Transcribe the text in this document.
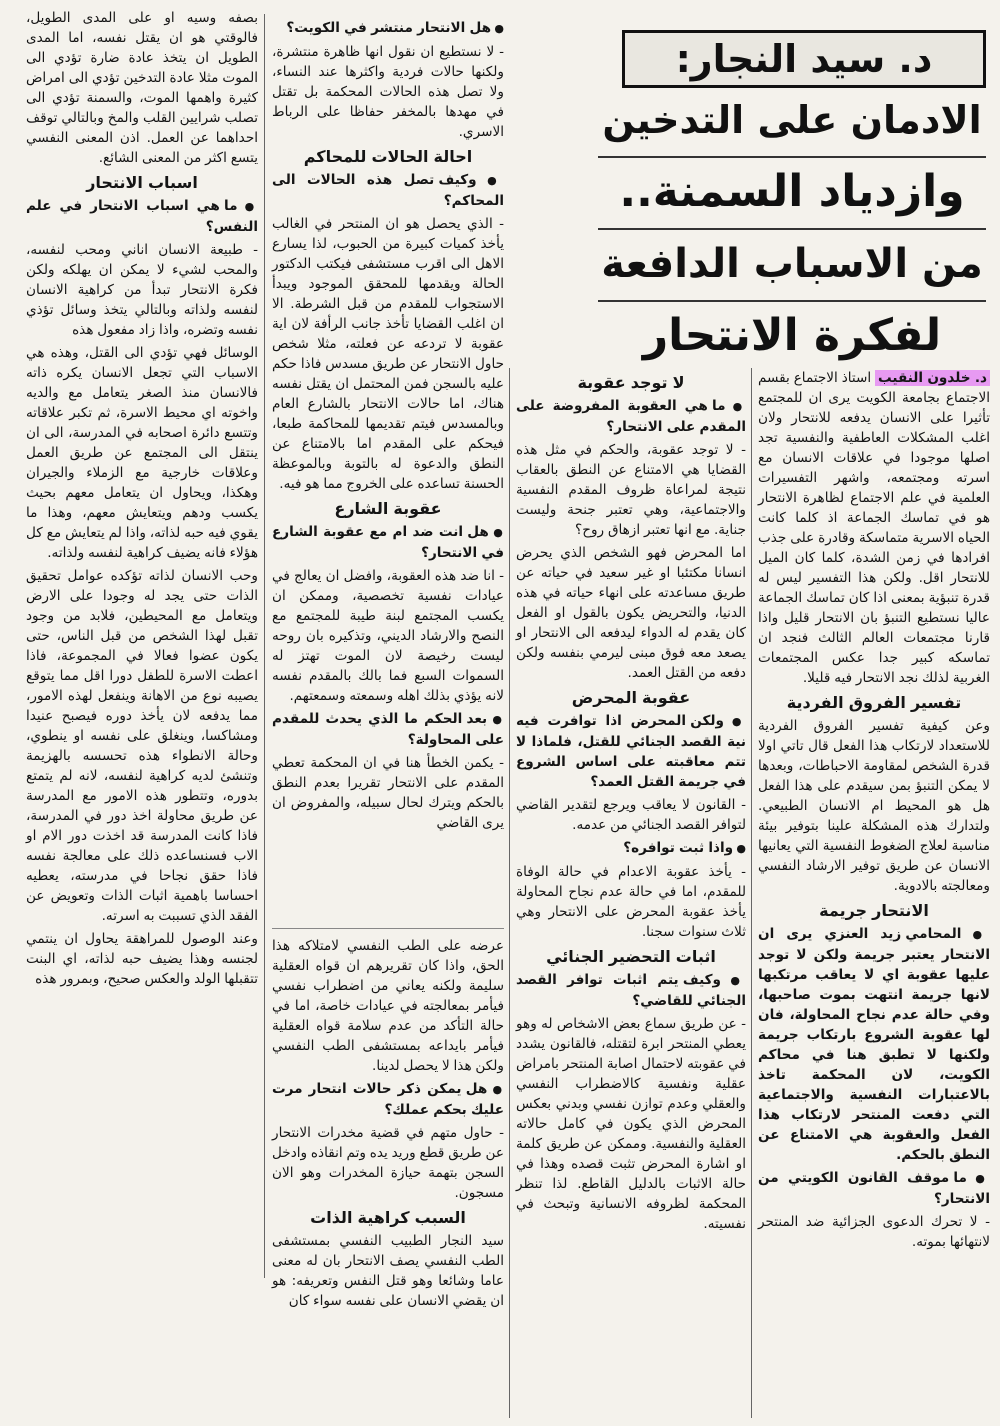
د. سيد النجار:
الادمان على التدخين
وازدياد السمنة..
من الاسباب الدافعة
لفكرة الانتحار

د. خلدون النقيب استاذ الاجتماع بقسم الاجتماع بجامعة الكويت يرى ان للمجتمع تأثيرا على الانسان يدفعه للانتحار ولان اغلب المشكلات العاطفية والنفسية تجد اصلها موجودا في علاقات الانسان مع اسرته ومجتمعه، واشهر التفسيرات العلمية في علم الاجتماع لظاهرة الانتحار هو في تماسك الجماعة اذ كلما كانت الحياه الاسرية متماسكة وقادرة على جذب افرادها في زمن الشدة، كلما كان الميل للانتحار اقل. ولكن هذا التفسير ليس له قدرة تنبؤية بمعنى اذا كان تماسك الجماعة عاليا نستطيع التنبؤ بان الانتحار قليل واذا قارنا مجتمعات العالم الثالث فنجد ان تماسكه كبير جدا عكس المجتمعات الغربية لذلك نجد الانتحار فيه قليلا.

تفسير الفروق الفردية

وعن كيفية تفسير الفروق الفردية للاستعداد لارتكاب هذا الفعل قال تاتي اولا قدرة الشخص لمقاومة الاحباطات، وبعدها لا يمكن التنبؤ بمن سيقدم على هذا الفعل هل هو المحيط ام الانسان الطبيعي. ولتدارك هذه المشكلة علينا بتوفير بيئة مناسبة لعلاج الضغوط النفسية التي يعانيها الانسان عن طريق توفير الارشاد النفسي ومعالجته بالادوية.

الانتحار جريمة

● المحامي زيد العنزي يرى ان الانتحار يعتبر جريمة ولكن لا توجد عليها عقوبة اي لا يعاقب مرتكبها لانها جريمة انتهت بموت صاحبها، وفي حالة عدم نجاح المحاولة، فان لها عقوبة الشروع بارتكاب جريمة ولكنها لا تطبق هنا في محاكم الكويت، لان المحكمة تاخذ بالاعتبارات النفسية والاجتماعية التي دفعت المنتحر لارتكاب هذا الفعل والعقوبة هي الامتناع عن النطق بالحكم.

● ما موقف القانون الكويتي من الانتحار؟

- لا تحرك الدعوى الجزائية ضد المنتحر لانتهائها بموته.

لا توجد عقوبة

● ما هي العقوبة المفروضة على المقدم على الانتحار؟

- لا توجد عقوبة، والحكم في مثل هذه القضايا هي الامتناع عن النطق بالعقاب نتيجة لمراعاة ظروف المقدم النفسية والاجتماعية، وهي تعتبر جنحة وليست جناية. مع انها تعتبر ازهاق روح؟

اما المحرض فهو الشخص الذي يحرض انسانا مكتئبا او غير سعيد في حياته عن طريق مساعدته على انهاء حياته في هذه الدنيا، والتحريض يكون بالقول او الفعل كان يقدم له الدواء ليدفعه الى الانتحار او يصعد معه فوق مبنى ليرمي بنفسه ولكن دفعه من القتل العمد.

عقوبة المحرض

● ولكن المحرض اذا توافرت فيه نية القصد الجنائي للقتل، فلماذا لا تتم معاقبته على اساس الشروع في جريمة القتل العمد؟

- القانون لا يعاقب ويرجع لتقدير القاضي لتوافر القصد الجنائي من عدمه.

● واذا ثبت توافره؟

- يأخذ عقوبة الاعدام في حالة الوفاة للمقدم، اما في حالة عدم نجاح المحاولة يأخذ عقوبة المحرض على الانتحار وهي ثلاث سنوات سجنا.

اثبات التحضير الجنائي

● وكيف يتم اثبات توافر القصد الجنائي للقاضي؟

- عن طريق سماع بعض الاشخاص له وهو يعطي المنتحر ابرة لتقتله، فالقانون يشدد في عقوبته لاحتمال اصابة المنتحر بامراض عقلية ونفسية كالاضطراب النفسي والعقلي وعدم توازن نفسي وبدني بعكس المحرض الذي يكون في كامل حالاته العقلية والنفسية. وممكن عن طريق كلمة او اشارة المحرض تثبت قصده وهذا في حالة الاثبات بالدليل القاطع. لذا تنظر المحكمة لظروفه الانسانية وتبحث في نفسيته.

● هل الانتحار منتشر في الكويت؟

- لا نستطيع ان نقول انها ظاهرة منتشرة، ولكنها حالات فردية واكثرها عند النساء، ولا تصل هذه الحالات المحكمة بل تقتل في مهدها بالمخفر حفاظا على الرباط الاسري.

احالة الحالات للمحاكم

● وكيف تصل هذه الحالات الى المحاكم؟

- الذي يحصل هو ان المنتحر في الغالب يأخذ كميات كبيرة من الحبوب، لذا يسارع الاهل الى اقرب مستشفى فيكتب الدكتور الحالة ويقدمها للمحقق الموجود ويبدأ الاستجواب للمقدم من قبل الشرطة. الا ان اغلب القضايا تأخذ جانب الرأفة لان اية عقوبة لا تردعه عن فعلته، مثلا شخص حاول الانتحار عن طريق مسدس فاذا حكم عليه بالسجن فمن المحتمل ان يقتل نفسه هناك، اما حالات الانتحار بالشارع العام وبالمسدس فيتم تقديمها للمحاكمة طبعا، فيحكم على المقدم اما بالامتناع عن النطق والدعوة له بالتوبة وبالموعظة الحسنة تساعده على الخروج مما هو فيه.

عقوبة الشارع

● هل انت ضد ام مع عقوبة الشارع في الانتحار؟

- انا ضد هذه العقوبة، وافضل ان يعالج في عيادات نفسية تخصصية، وممكن ان يكسب المجتمع لبنة طيبة للمجتمع مع النصح والارشاد الديني، وتذكيره بان روحه ليست رخيصة لان الموت تهتز له السموات السبع فما بالك بالمقدم نفسه لانه يؤذي بذلك اهله وسمعته وسمعتهم.

● بعد الحكم ما الذي يحدث للمقدم على المحاولة؟

- يكمن الخطأ هنا في ان المحكمة تعطي المقدم على الانتحار تقريرا بعدم النطق بالحكم ويترك لحال سبيله، والمفروض ان يرى القاضي

عرضه على الطب النفسي لامتلاكه هذا الحق، واذا كان تقريرهم ان قواه العقلية سليمة ولكنه يعاني من اضطراب نفسي فيأمر بمعالجته في عيادات خاصة، اما في حالة التأكد من عدم سلامة قواه العقلية فيأمر بايداعه بمستشفى الطب النفسي ولكن هذا لا يحصل لدينا.

● هل يمكن ذكر حالات انتحار مرت عليك بحكم عملك؟

- حاول متهم في قضية مخدرات الانتحار عن طريق قطع وريد يده وتم انقاذه وادخل السجن بتهمة حيازة المخدرات وهو الان مسجون.

السبب كراهية الذات

سيد النجار الطبيب النفسي بمستشفى الطب النفسي يصف الانتحار بان له معنى عاما وشائعا وهو قتل النفس وتعريفه: هو ان يقضي الانسان على نفسه سواء كان

بصفه وسيه او على المدى الطويل، فالوقتي هو ان يقتل نفسه، اما المدى الطويل ان يتخذ عادة ضارة تؤدي الى الموت مثلا عادة التدخين تؤدي الى امراض كثيرة واهمها الموت، والسمنة تؤدي الى تصلب شرايين القلب والمخ وبالتالي توقف احداهما عن العمل. اذن المعنى النفسي يتسع اكثر من المعنى الشائع.

اسباب الانتحار

● ما هي اسباب الانتحار في علم النفس؟

- طبيعة الانسان اناني ومحب لنفسه، والمحب لشيء لا يمكن ان يهلكه ولكن فكرة الانتحار تبدأ من كراهية الانسان لنفسه ولذاته وبالتالي يتخذ وسائل تؤذي نفسه وتضره، واذا زاد مفعول هذه

الوسائل فهي تؤدي الى القتل، وهذه هي الاسباب التي تجعل الانسان يكره ذاته فالانسان منذ الصغر يتعامل مع والديه واخوته اي محيط الاسرة، ثم تكبر علاقاته وتتسع دائرة اصحابه في المدرسة، الى ان ينتقل الى المجتمع عن طريق العمل وعلاقات خارجية مع الزملاء والجيران وهكذا، ويحاول ان يتعامل معهم بحيث يكسب ودهم ويتعايش معهم، وهذا ما يقوي فيه حبه لذاته، واذا لم يتعايش مع كل هؤلاء فانه يضيف كراهية لنفسه ولذاته.

وحب الانسان لذاته تؤكده عوامل تحقيق الذات حتى يجد له وجودا على الارض ويتعامل مع المحيطين، فلابد من وجود تقبل لهذا الشخص من قبل الناس، حتى يكون عضوا فعالا في المجموعة، فاذا اعطت الاسرة للطفل دورا اقل مما يتوقع يصيبه نوع من الاهانة وينفعل لهذه الامور، مما يدفعه لان يأخذ دوره فيصبح عنيدا ومشاكسا، وينغلق على نفسه او ينطوي، وحالة الانطواء هذه تحسسه بالهزيمة وتنشئ لديه كراهية لنفسه، لانه لم يتمتع بدوره، وتتطور هذه الامور مع المدرسة عن طريق محاولة اخذ دور في المدرسة، فاذا كانت المدرسة قد اخذت دور الام او الاب فسنساعده ذلك على معالجة نفسه فاذا حقق نجاحا في مدرسته، يعطيه احساسا باهمية اثبات الذات وتعويض عن الفقد الذي تسببت به اسرته.

وعند الوصول للمراهقة يحاول ان ينتمي لجنسه وهذا يضيف حبه لذاته، اي البنت تتقبلها الولد والعكس صحيح، وبمرور هذه
